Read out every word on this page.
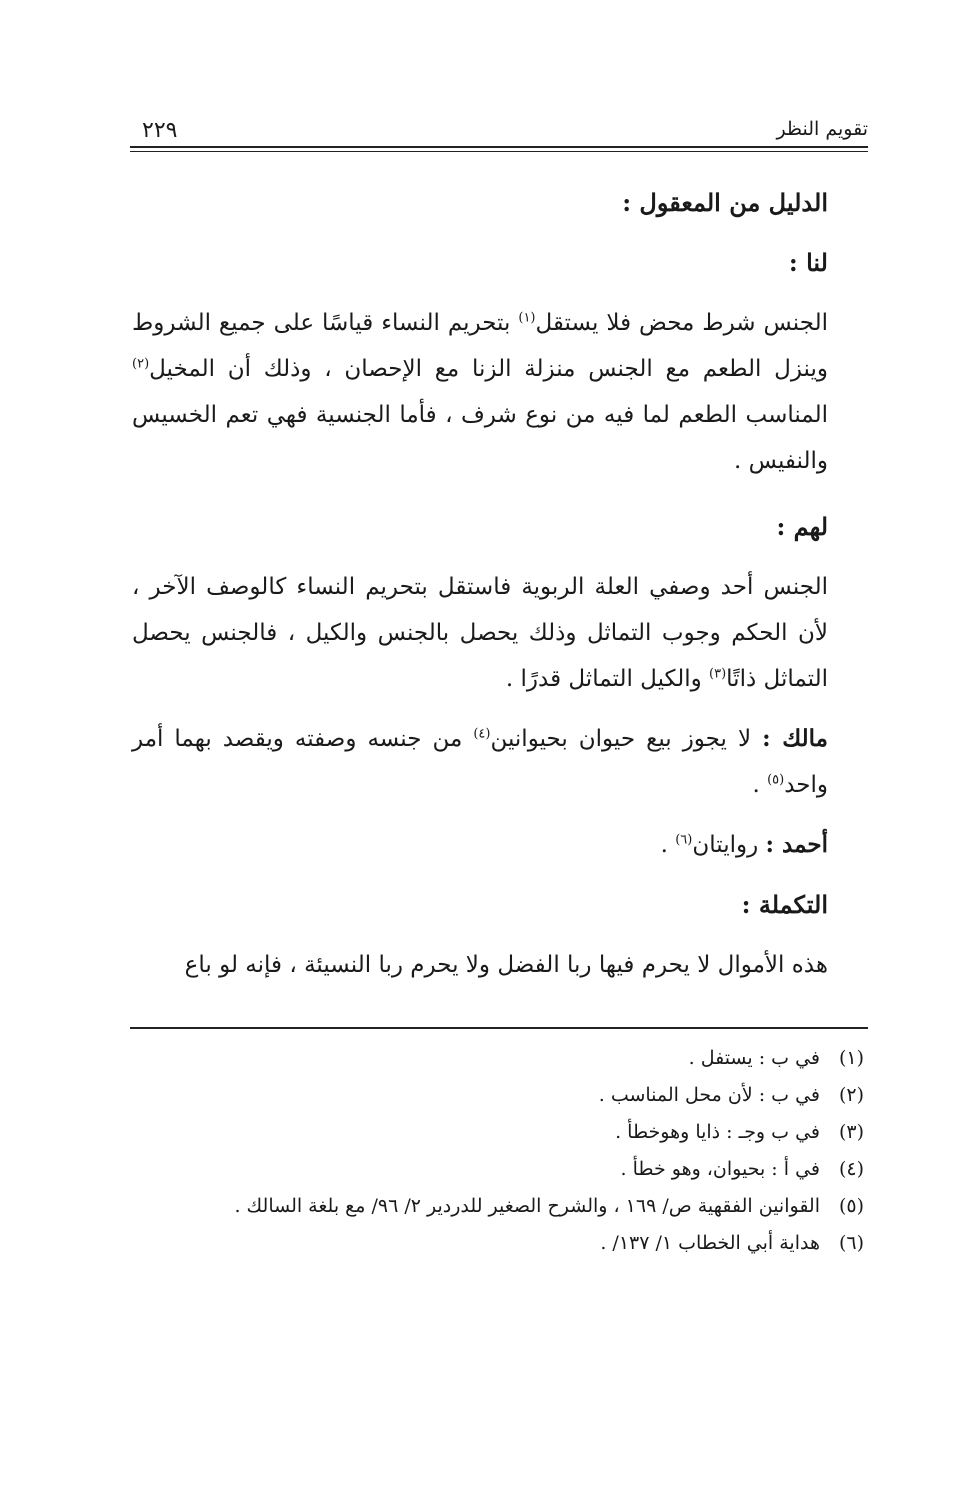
تقويم النظر
٢٢٩

الدليل من المعقول :

لنا :

الجنس شرط محض فلا يستقل$^{(١)}$ بتحريم النساء قياسًا على جميع الشروط وينزل الطعم مع الجنس منزلة الزنا مع الإحصان ، وذلك أن المخيل$^{(٢)}$ المناسب الطعم لما فيه من نوع شرف ، فأما الجنسية فهي تعم الخسيس والنفيس .

لهم :

الجنس أحد وصفي العلة الربوية فاستقل بتحريم النساء كالوصف الآخر ، لأن الحكم وجوب التماثل وذلك يحصل بالجنس والكيل ، فالجنس يحصل التماثل ذاتًا$^{(٣)}$ والكيل التماثل قدرًا .

مالك : لا يجوز بيع حيوان بحيوانين$^{(٤)}$ من جنسه وصفته ويقصد بهما أمر واحد$^{(٥)}$ .

أحمد : روايتان$^{(٦)}$ .

التكملة :

هذه الأموال لا يحرم فيها ربا الفضل ولا يحرم ربا النسيئة ، فإنه لو باع

(١)
في ب : يستفل .

(٢)
في ب : لأن محل المناسب .

(٣)
في ب وجـ : ذايا وهوخطأ .

(٤)
في أ : بحيوان، وهو خطأ .

(٥)
القوانين الفقهية ص/ ١٦٩ ، والشرح الصغير للدردير ٢/ ٩٦/ مع بلغة السالك .

(٦)
هداية أبي الخطاب ١/ ١٣٧/ .
